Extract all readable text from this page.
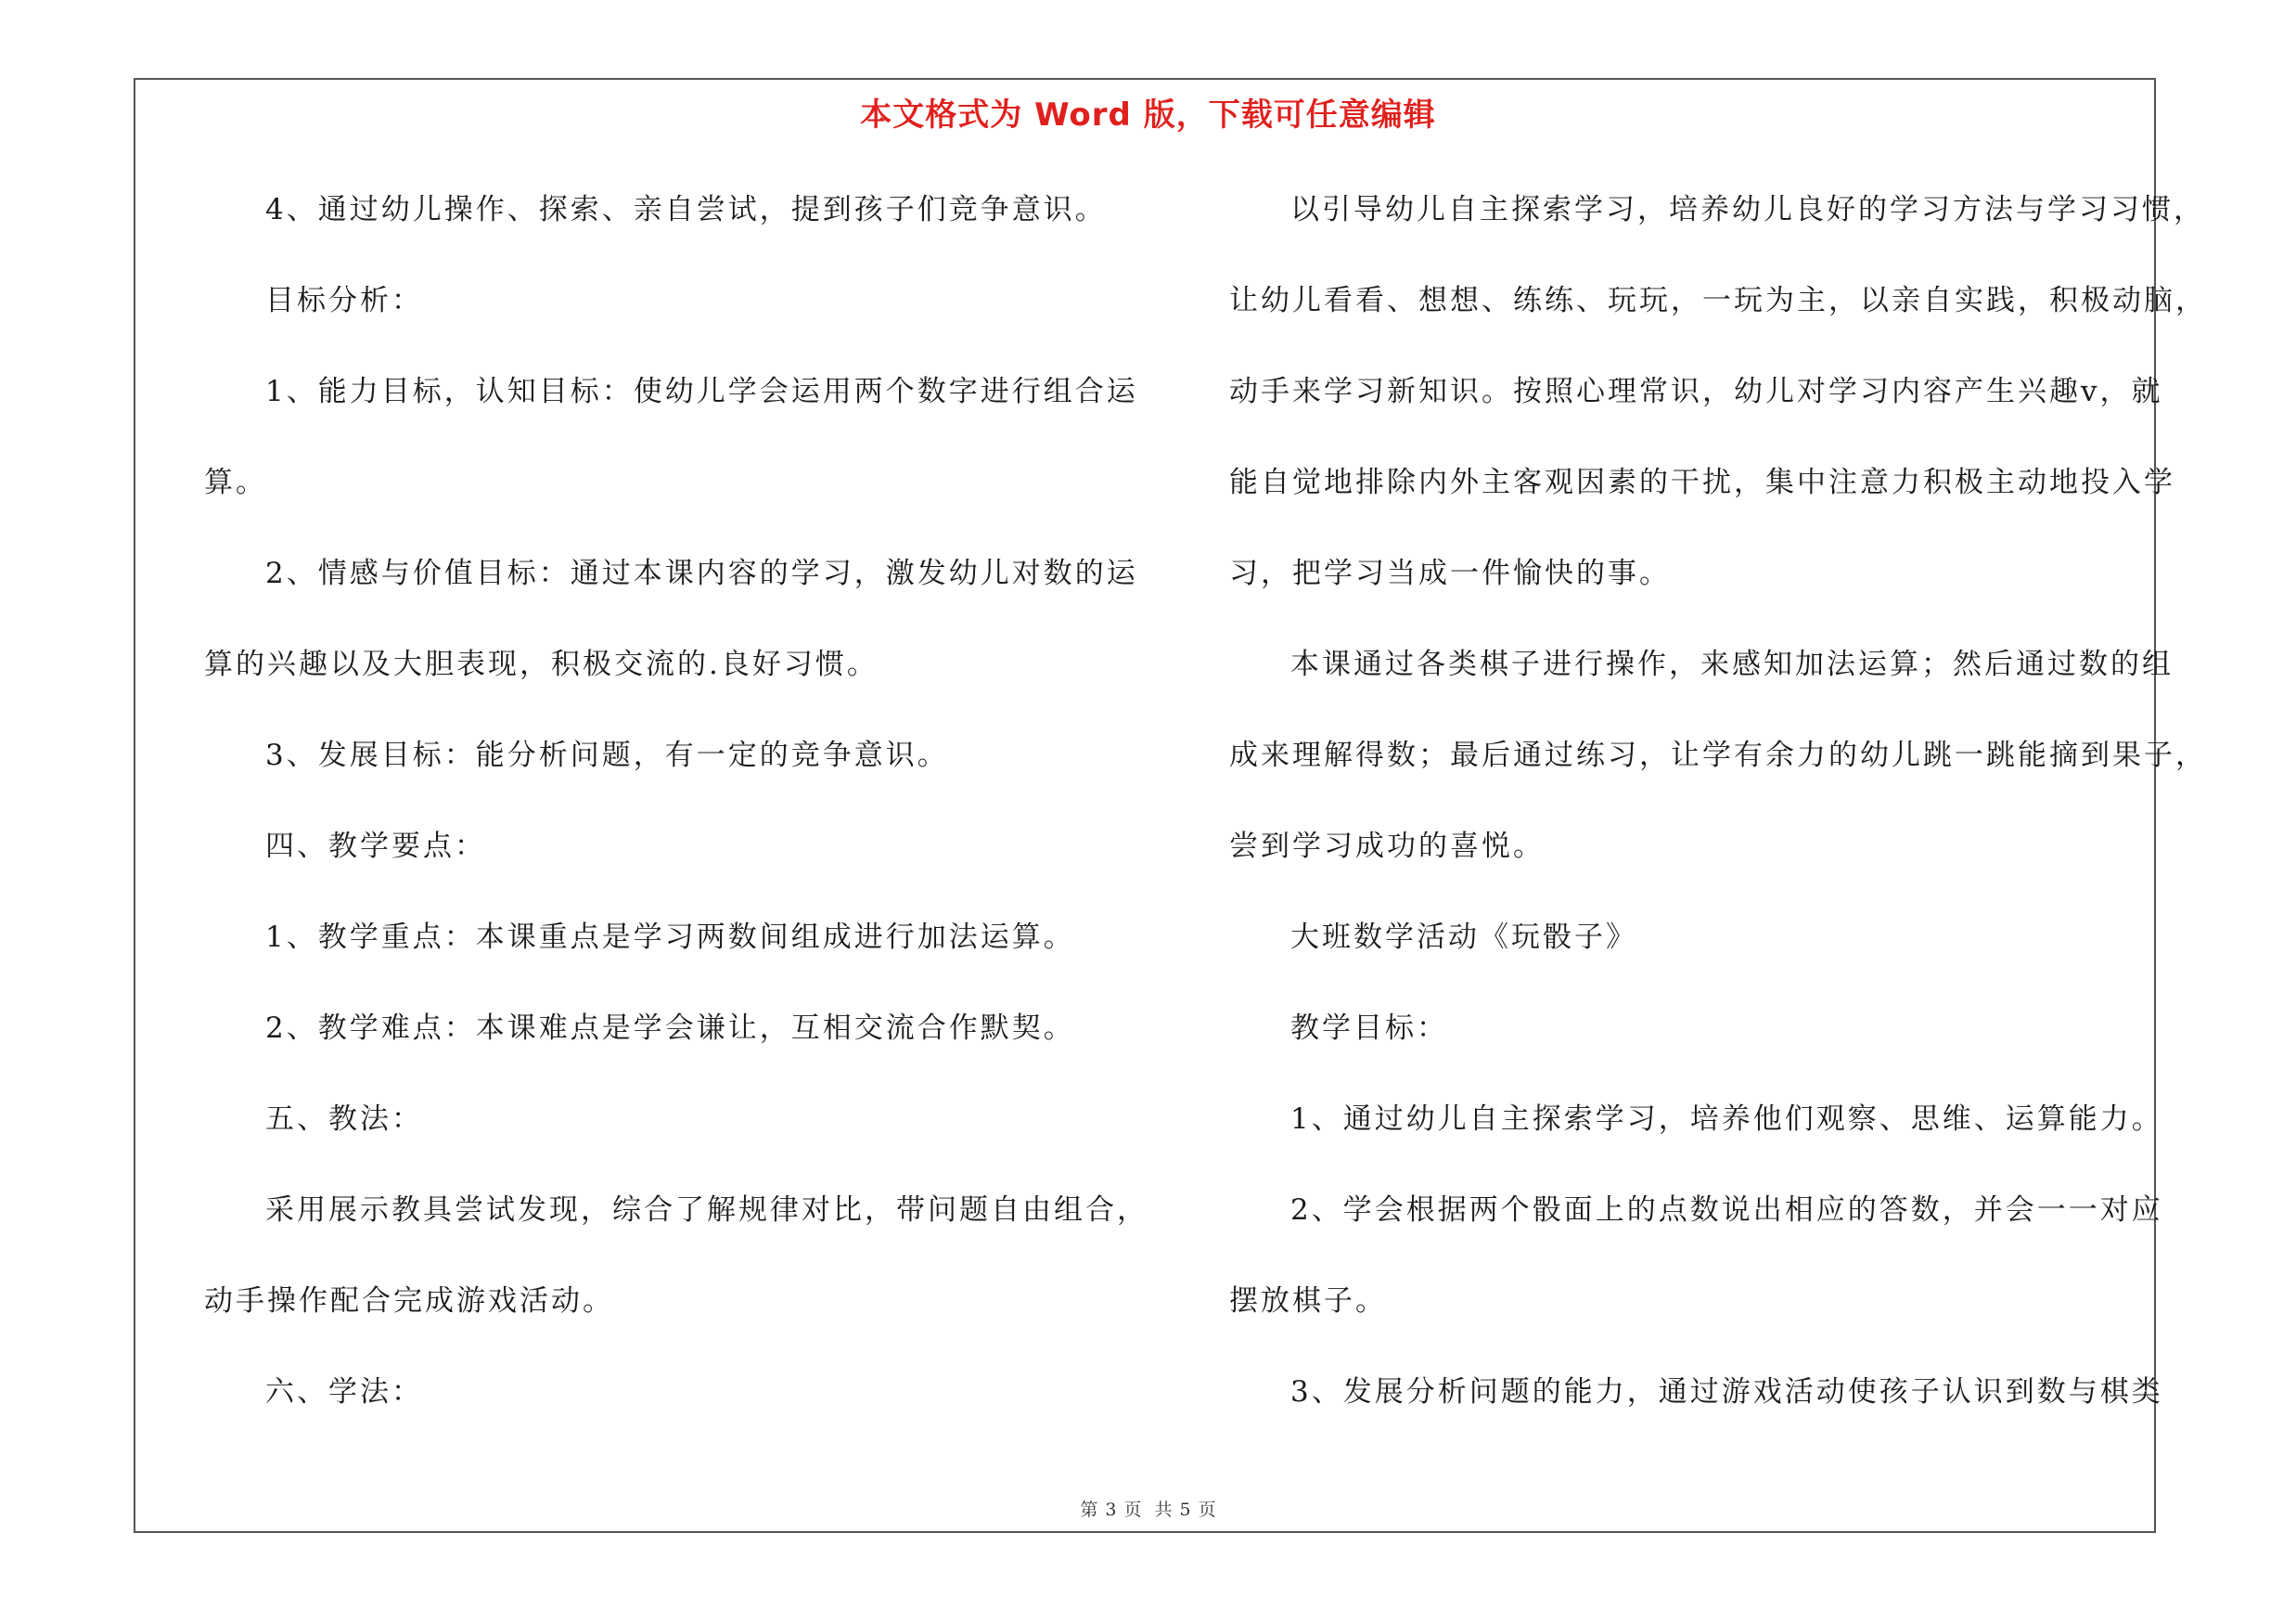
本文格式为 Word 版，下载可任意编辑
4、通过幼儿操作、探索、亲自尝试，提到孩子们竞争意识。
目标分析：
1、能力目标，认知目标：使幼儿学会运用两个数字进行组合运
算。
2、情感与价值目标：通过本课内容的学习，激发幼儿对数的运
算的兴趣以及大胆表现，积极交流的.良好习惯。
3、发展目标：能分析问题，有一定的竞争意识。
四、教学要点：
1、教学重点：本课重点是学习两数间组成进行加法运算。
2、教学难点：本课难点是学会谦让，互相交流合作默契。
五、教法：
采用展示教具尝试发现，综合了解规律对比，带问题自由组合，
动手操作配合完成游戏活动。
六、学法：
以引导幼儿自主探索学习，培养幼儿良好的学习方法与学习习惯，
让幼儿看看、想想、练练、玩玩，一玩为主，以亲自实践，积极动脑，
动手来学习新知识。按照心理常识，幼儿对学习内容产生兴趣v，就
能自觉地排除内外主客观因素的干扰，集中注意力积极主动地投入学
习，把学习当成一件愉快的事。
本课通过各类棋子进行操作，来感知加法运算；然后通过数的组
成来理解得数；最后通过练习，让学有余力的幼儿跳一跳能摘到果子，
尝到学习成功的喜悦。
大班数学活动《玩骰子》
教学目标：
1、通过幼儿自主探索学习，培养他们观察、思维、运算能力。
2、学会根据两个骰面上的点数说出相应的答数，并会一一对应
摆放棋子。
3、发展分析问题的能力，通过游戏活动使孩子认识到数与棋类
第 3 页 共 5 页
